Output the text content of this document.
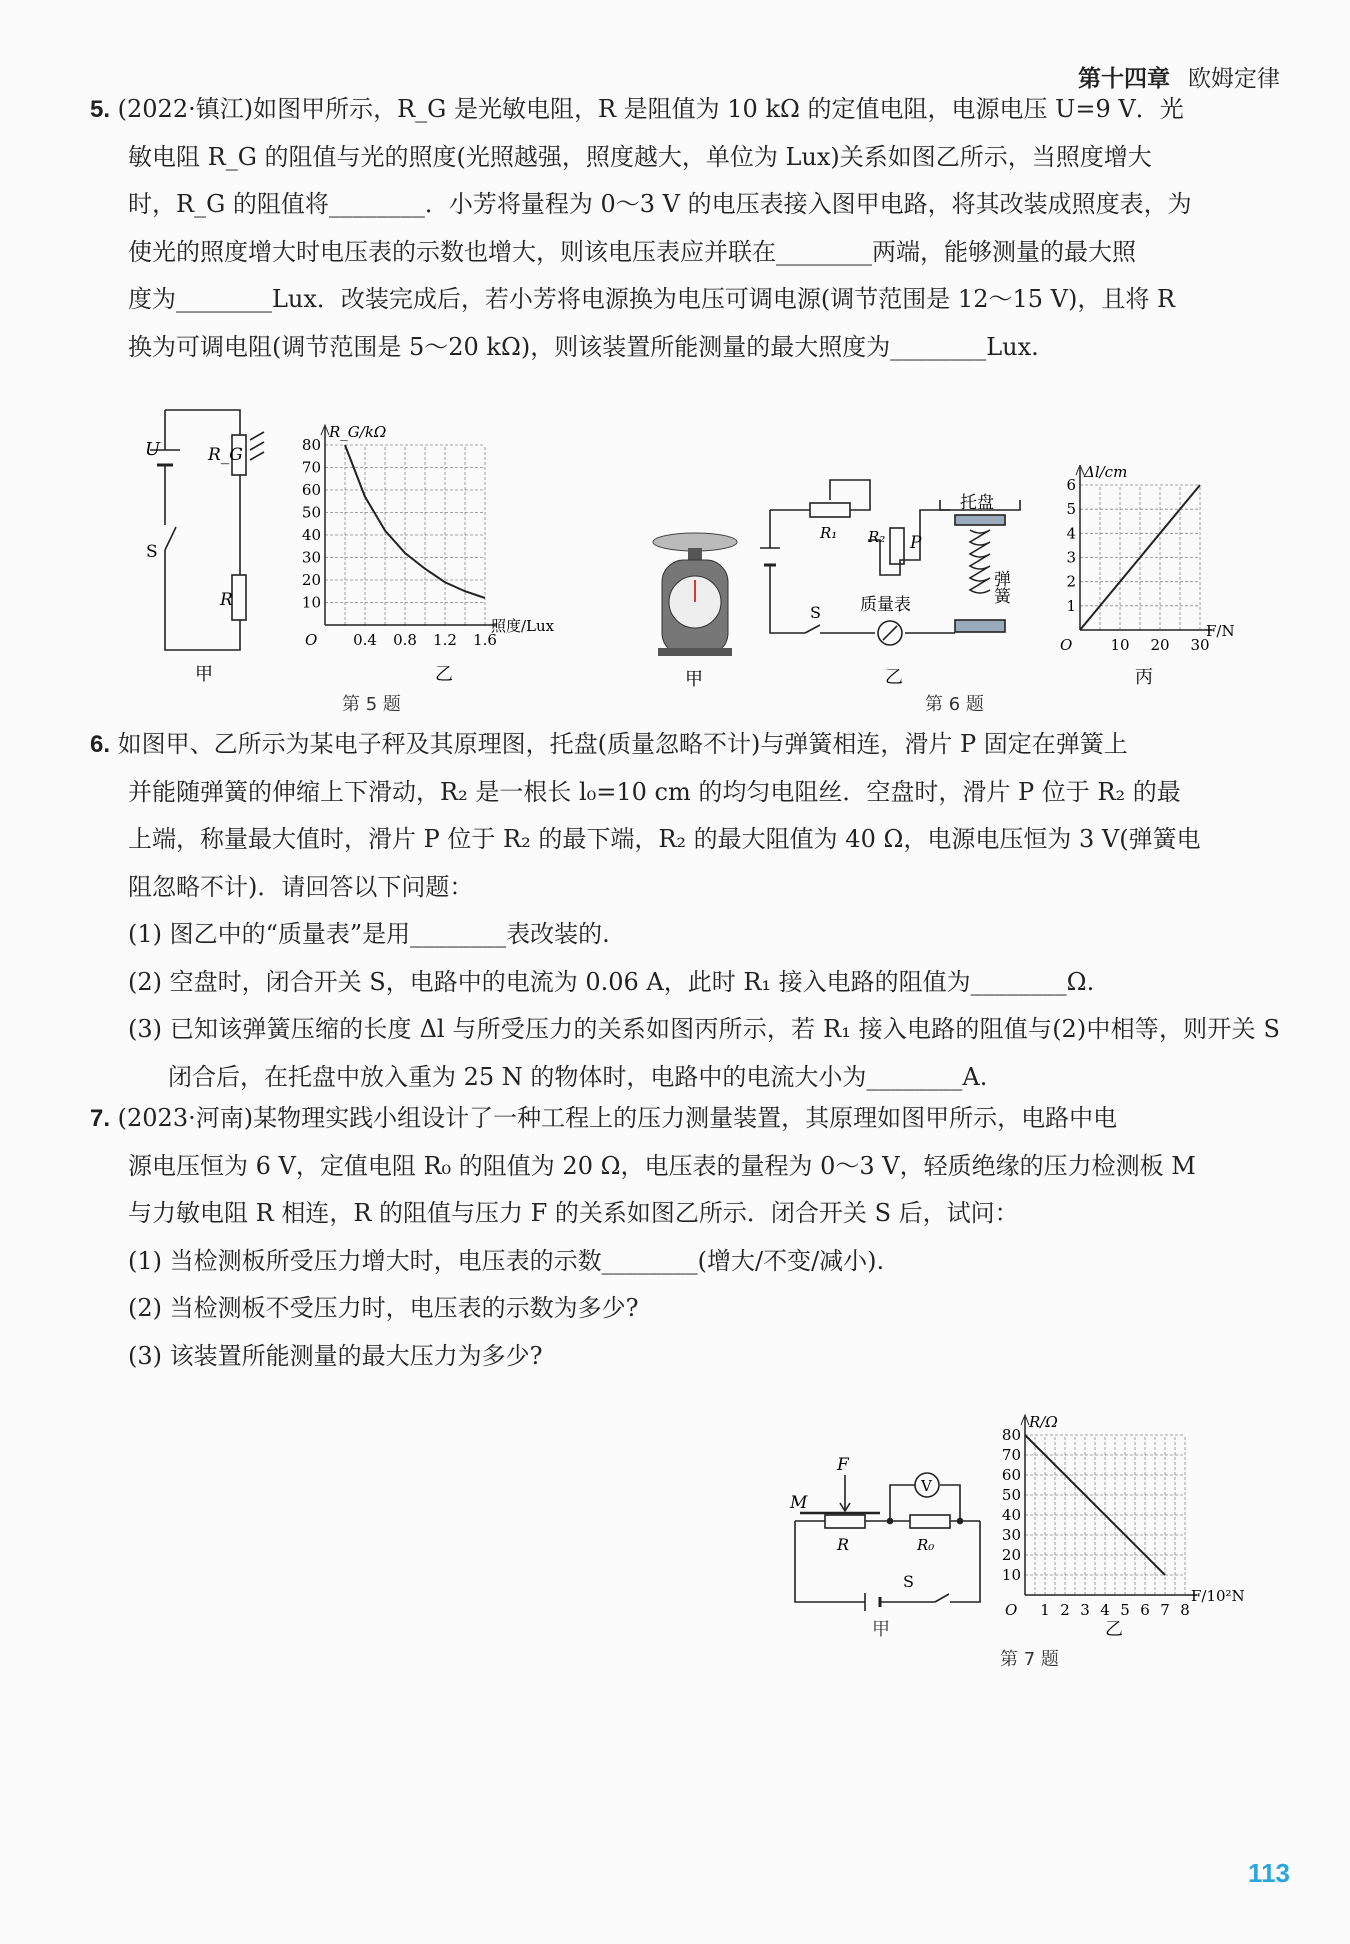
第十四章 欧姆定律
5. (2022·镇江)如图甲所示，R_G 是光敏电阻，R 是阻值为 10 kΩ 的定值电阻，电源电压 U=9 V．光
敏电阻 R_G 的阻值与光的照度(光照越强，照度越大，单位为 Lux)关系如图乙所示，当照度增大
时，R_G 的阻值将________．小芳将量程为 0～3 V 的电压表接入图甲电路，将其改装成照度表，为
使光的照度增大时电压表的示数也增大，则该电压表应并联在________两端，能够测量的最大照
度为________Lux．改装完成后，若小芳将电源换为电压可调电源(调节范围是 12～15 V)，且将 R
换为可调电阻(调节范围是 5～20 kΩ)，则该装置所能测量的最大照度为________Lux.
U	R_G
S
R
甲
0.4 0.8 1.2 1.6
10
20
30
40
50
60
70
80
O
照度/Lux
R_G/kΩ
乙
第 5 题
甲
R₁ R₂ P
托盘
弹簧
质量表
S
乙
10 20 30
1
2
3
4
5
6
O
F/N
Δl/cm
丙
第 6 题
6. 如图甲、乙所示为某电子秤及其原理图，托盘(质量忽略不计)与弹簧相连，滑片 P 固定在弹簧上
并能随弹簧的伸缩上下滑动，R₂ 是一根长 l₀=10 cm 的均匀电阻丝．空盘时，滑片 P 位于 R₂ 的最
上端，称量最大值时，滑片 P 位于 R₂ 的最下端，R₂ 的最大阻值为 40 Ω，电源电压恒为 3 V(弹簧电
阻忽略不计)．请回答以下问题：
(1) 图乙中的“质量表”是用________表改装的.
(2) 空盘时，闭合开关 S，电路中的电流为 0.06 A，此时 R₁ 接入电路的阻值为________Ω.
(3) 已知该弹簧压缩的长度 Δl 与所受压力的关系如图丙所示，若 R₁ 接入电路的阻值与(2)中相等，则开关 S 闭合后，在托盘中放入重为 25 N 的物体时，电路中的电流大小为________A.
7. (2023·河南)某物理实践小组设计了一种工程上的压力测量装置，其原理如图甲所示，电路中电
源电压恒为 6 V，定值电阻 R₀ 的阻值为 20 Ω，电压表的量程为 0～3 V，轻质绝缘的压力检测板 M
与力敏电阻 R 相连，R 的阻值与压力 F 的关系如图乙所示．闭合开关 S 后，试问：
(1) 当检测板所受压力增大时，电压表的示数________(增大/不变/减小).
(2) 当检测板不受压力时，电压表的示数为多少?
(3) 该装置所能测量的最大压力为多少?
F
M
V
R	R₀
S
甲
1 2 3 4 5 6 7 8
10
20
30
40
50
60
70
80
O
F/10²N
R/Ω
乙
第 7 题
113
